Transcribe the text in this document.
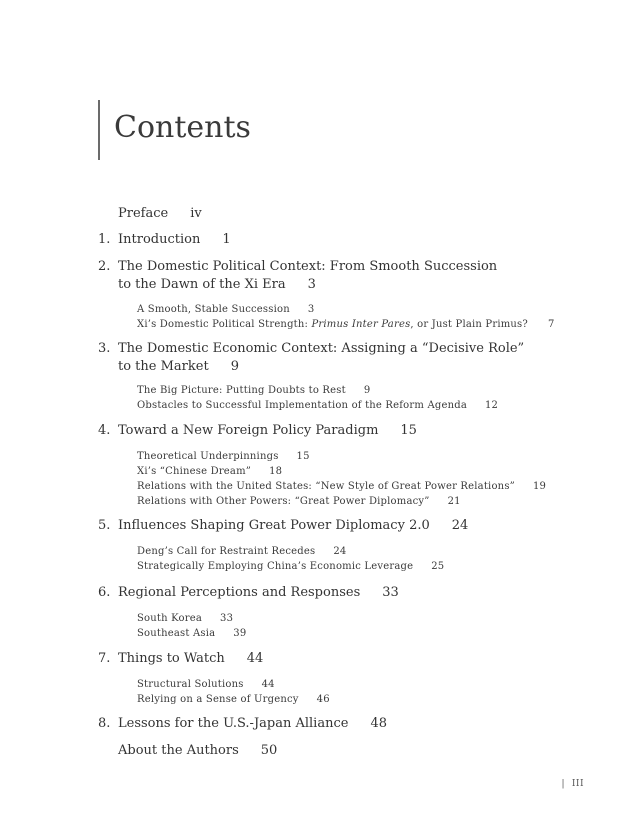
Contents
Preface iv
1. Introduction 1
2. The Domestic Political Context: From Smooth Succession
to the Dawn of the Xi Era 3
A Smooth, Stable Succession 3
Xi’s Domestic Political Strength: Primus Inter Pares, or Just Plain Primus? 7
3. The Domestic Economic Context: Assigning a “Decisive Role”
to the Market 9
The Big Picture: Putting Doubts to Rest 9
Obstacles to Successful Implementation of the Reform Agenda 12
4. Toward a New Foreign Policy Paradigm 15
Theoretical Underpinnings 15
Xi’s “Chinese Dream” 18
Relations with the United States: “New Style of Great Power Relations” 19
Relations with Other Powers: “Great Power Diplomacy” 21
5. Influences Shaping Great Power Diplomacy 2.0 24
Deng’s Call for Restraint Recedes 24
Strategically Employing China’s Economic Leverage 25
6. Regional Perceptions and Responses 33
South Korea 33
Southeast Asia 39
7. Things to Watch 44
Structural Solutions 44
Relying on a Sense of Urgency 46
8. Lessons for the U.S.-Japan Alliance 48
About the Authors 50
| III
